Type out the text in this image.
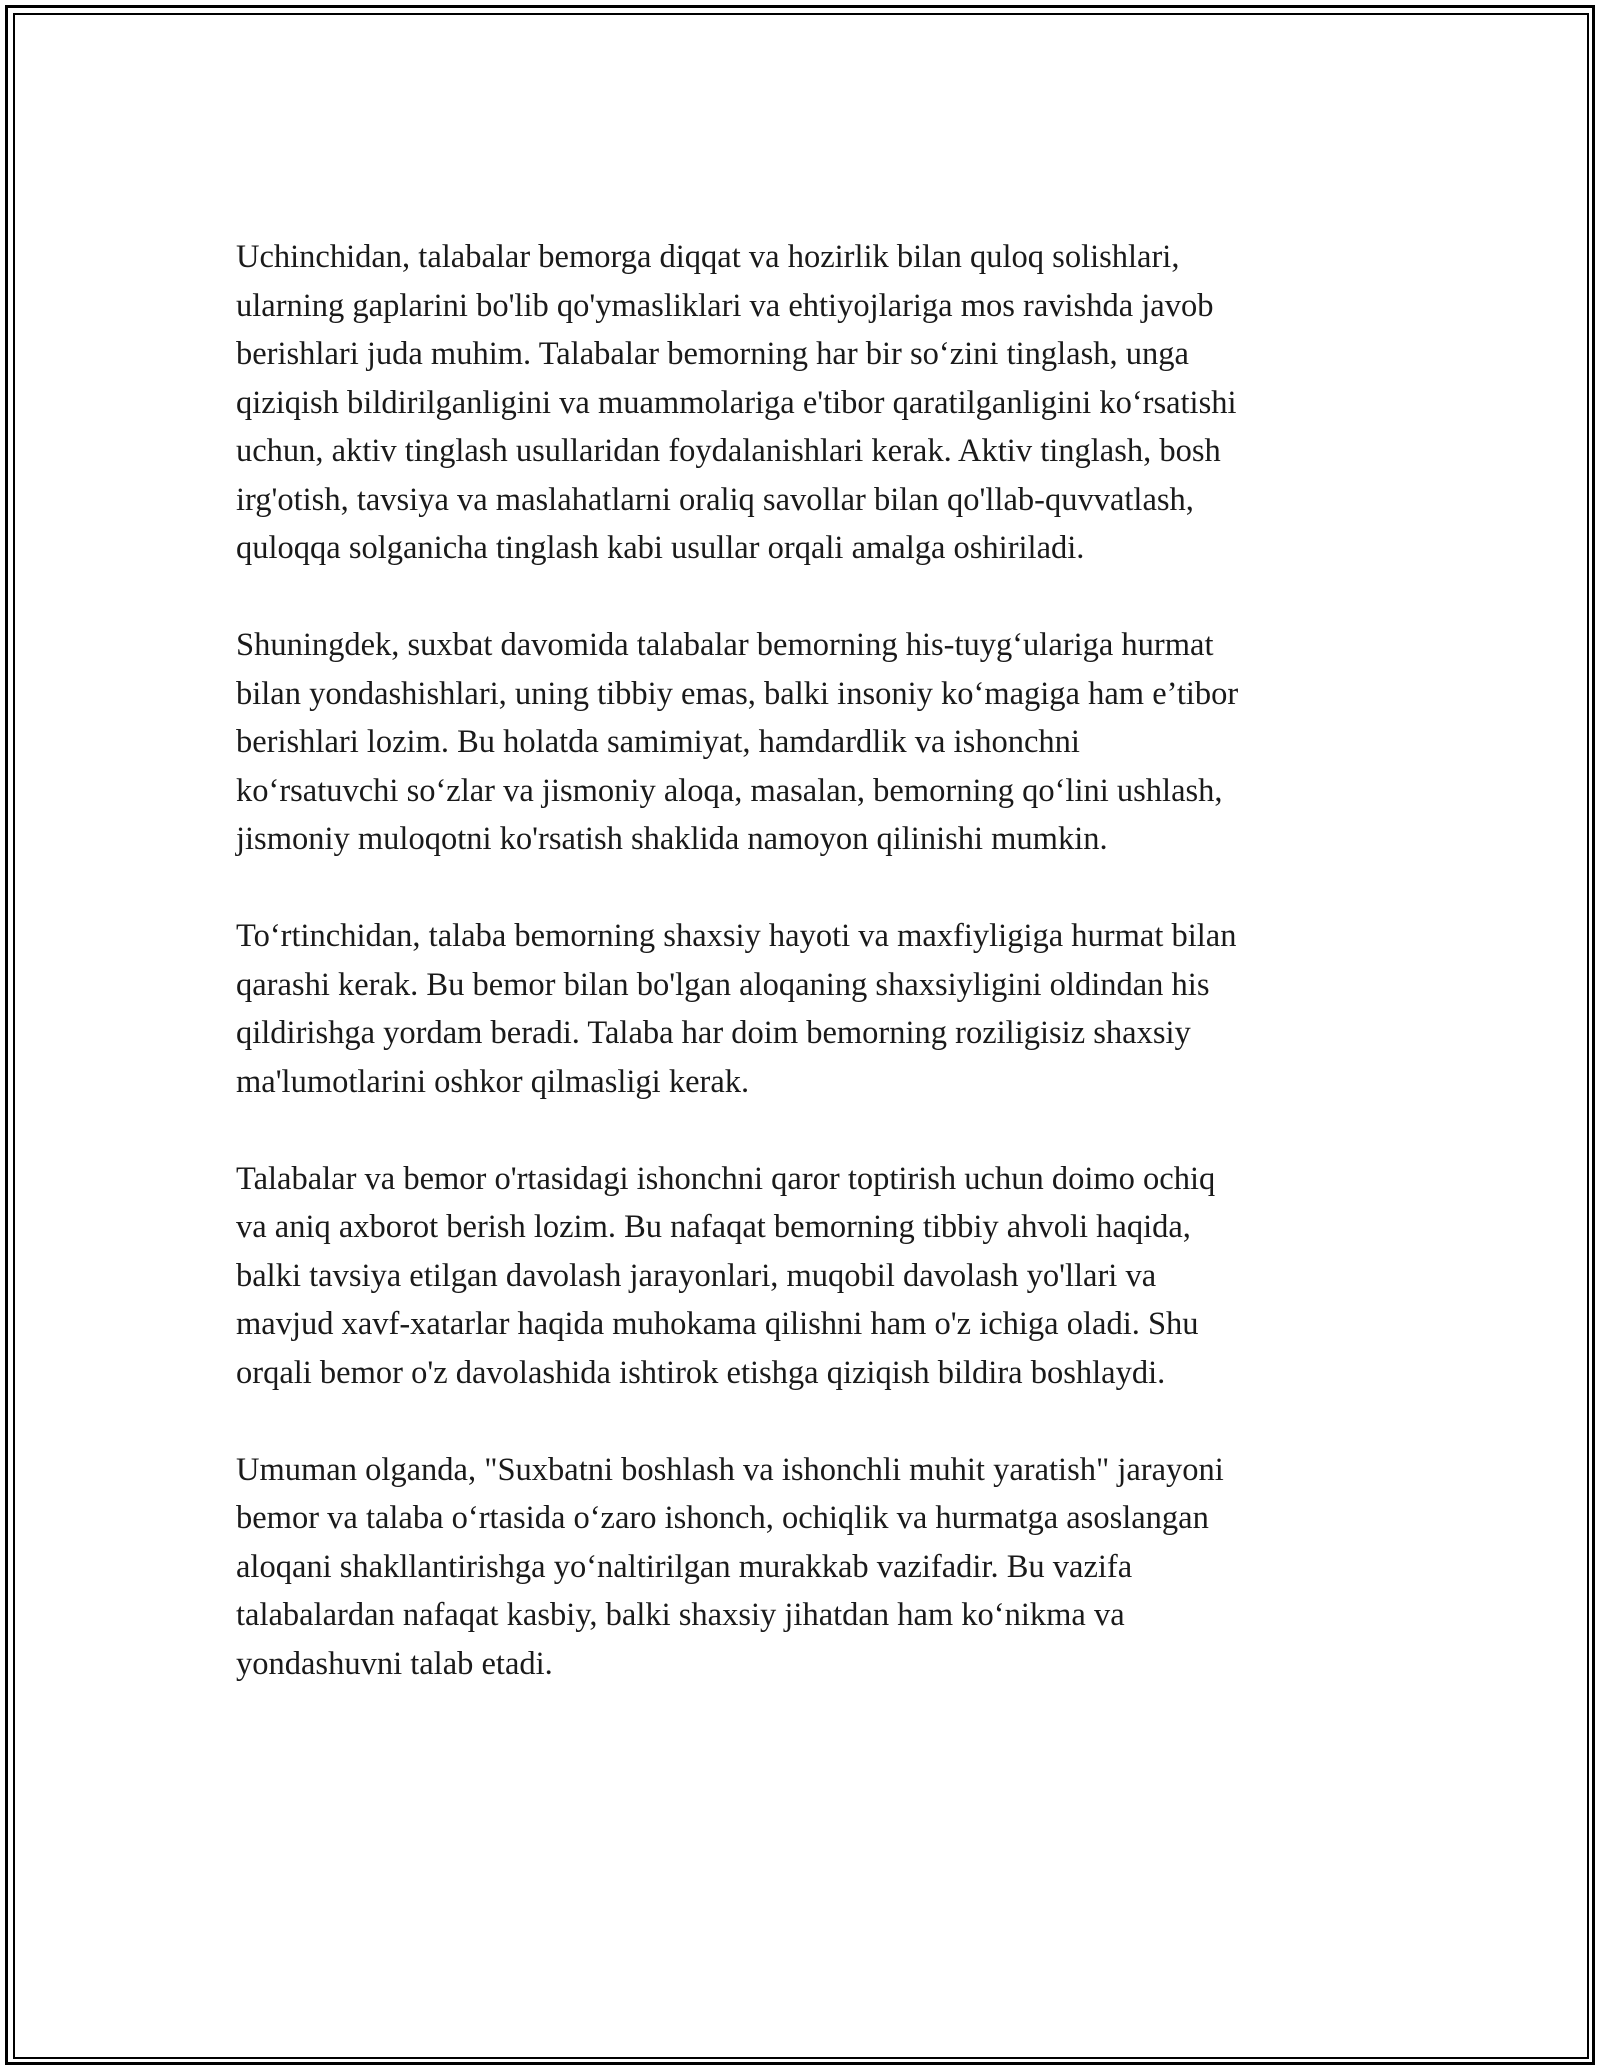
Uchinchidan, talabalar bemorga diqqat va hozirlik bilan quloq solishlari,
ularning gaplarini bo'lib qo'ymasliklari va ehtiyojlariga mos ravishda javob
berishlari juda muhim. Talabalar bemorning har bir so‘zini tinglash, unga
qiziqish bildirilganligini va muammolariga e'tibor qaratilganligini ko‘rsatishi
uchun, aktiv tinglash usullaridan foydalanishlari kerak. Aktiv tinglash, bosh
irg'otish, tavsiya va maslahatlarni oraliq savollar bilan qo'llab-quvvatlash,
quloqqa solganicha tinglash kabi usullar orqali amalga oshiriladi.

Shuningdek, suxbat davomida talabalar bemorning his-tuyg‘ulariga hurmat
bilan yondashishlari, uning tibbiy emas, balki insoniy ko‘magiga ham e’tibor
berishlari lozim. Bu holatda samimiyat, hamdardlik va ishonchni
ko‘rsatuvchi so‘zlar va jismoniy aloqa, masalan, bemorning qo‘lini ushlash,
jismoniy muloqotni ko'rsatish shaklida namoyon qilinishi mumkin.

To‘rtinchidan, talaba bemorning shaxsiy hayoti va maxfiyligiga hurmat bilan
qarashi kerak. Bu bemor bilan bo'lgan aloqaning shaxsiyligini oldindan his
qildirishga yordam beradi. Talaba har doim bemorning roziligisiz shaxsiy
ma'lumotlarini oshkor qilmasligi kerak.

Talabalar va bemor o'rtasidagi ishonchni qaror toptirish uchun doimo ochiq
va aniq axborot berish lozim. Bu nafaqat bemorning tibbiy ahvoli haqida,
balki tavsiya etilgan davolash jarayonlari, muqobil davolash yo'llari va
mavjud xavf-xatarlar haqida muhokama qilishni ham o'z ichiga oladi. Shu
orqali bemor o'z davolashida ishtirok etishga qiziqish bildira boshlaydi.

Umuman olganda, "Suxbatni boshlash va ishonchli muhit yaratish" jarayoni
bemor va talaba o‘rtasida o‘zaro ishonch, ochiqlik va hurmatga asoslangan
aloqani shakllantirishga yo‘naltirilgan murakkab vazifadir. Bu vazifa
talabalardan nafaqat kasbiy, balki shaxsiy jihatdan ham ko‘nikma va
yondashuvni talab etadi.
